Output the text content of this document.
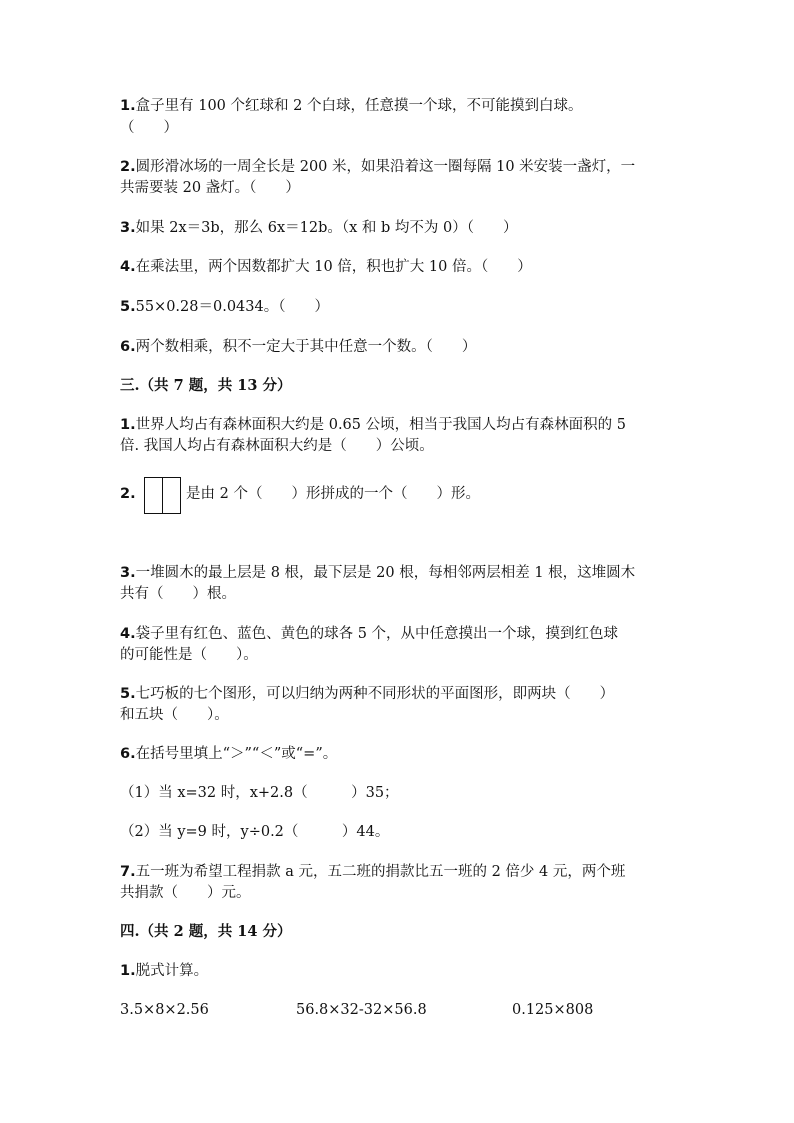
1.盒子里有 100 个红球和 2 个白球，任意摸一个球，不可能摸到白球。
（　　）
2.圆形滑冰场的一周全长是 200 米，如果沿着这一圈每隔 10 米安装一盏灯，一
共需要装 20 盏灯。（　　）
3.如果 2x＝3b，那么 6x＝12b。（x 和 b 均不为 0）（　　）
4.在乘法里，两个因数都扩大 10 倍，积也扩大 10 倍。（　　）
5.55×0.28＝0.0434。（　　）
6.两个数相乘，积不一定大于其中任意一个数。（　　）
三.（共 7 题，共 13 分）
1.世界人均占有森林面积大约是 0.65 公顷，相当于我国人均占有森林面积的 5
倍. 我国人均占有森林面积大约是（　　）公顷。
2.	是由 2 个（　　）形拼成的一个（　　）形。
3.一堆圆木的最上层是 8 根，最下层是 20 根，每相邻两层相差 1 根，这堆圆木
共有（　　）根。
4.袋子里有红色、蓝色、黄色的球各 5 个，从中任意摸出一个球，摸到红色球
的可能性是（　　）。
5.七巧板的七个图形，可以归纳为两种不同形状的平面图形，即两块（　　）
和五块（　　）。
6.在括号里填上“＞”“＜”或“=”。
（1）当 x=32 时，x+2.8（　　　）35；
（2）当 y=9 时，y÷0.2（　　　）44。
7.五一班为希望工程捐款 a 元，五二班的捐款比五一班的 2 倍少 4 元，两个班
共捐款（　　）元。
四.（共 2 题，共 14 分）
1.脱式计算。
3.5×8×2.56	56.8×32-32×56.8	0.125×808
